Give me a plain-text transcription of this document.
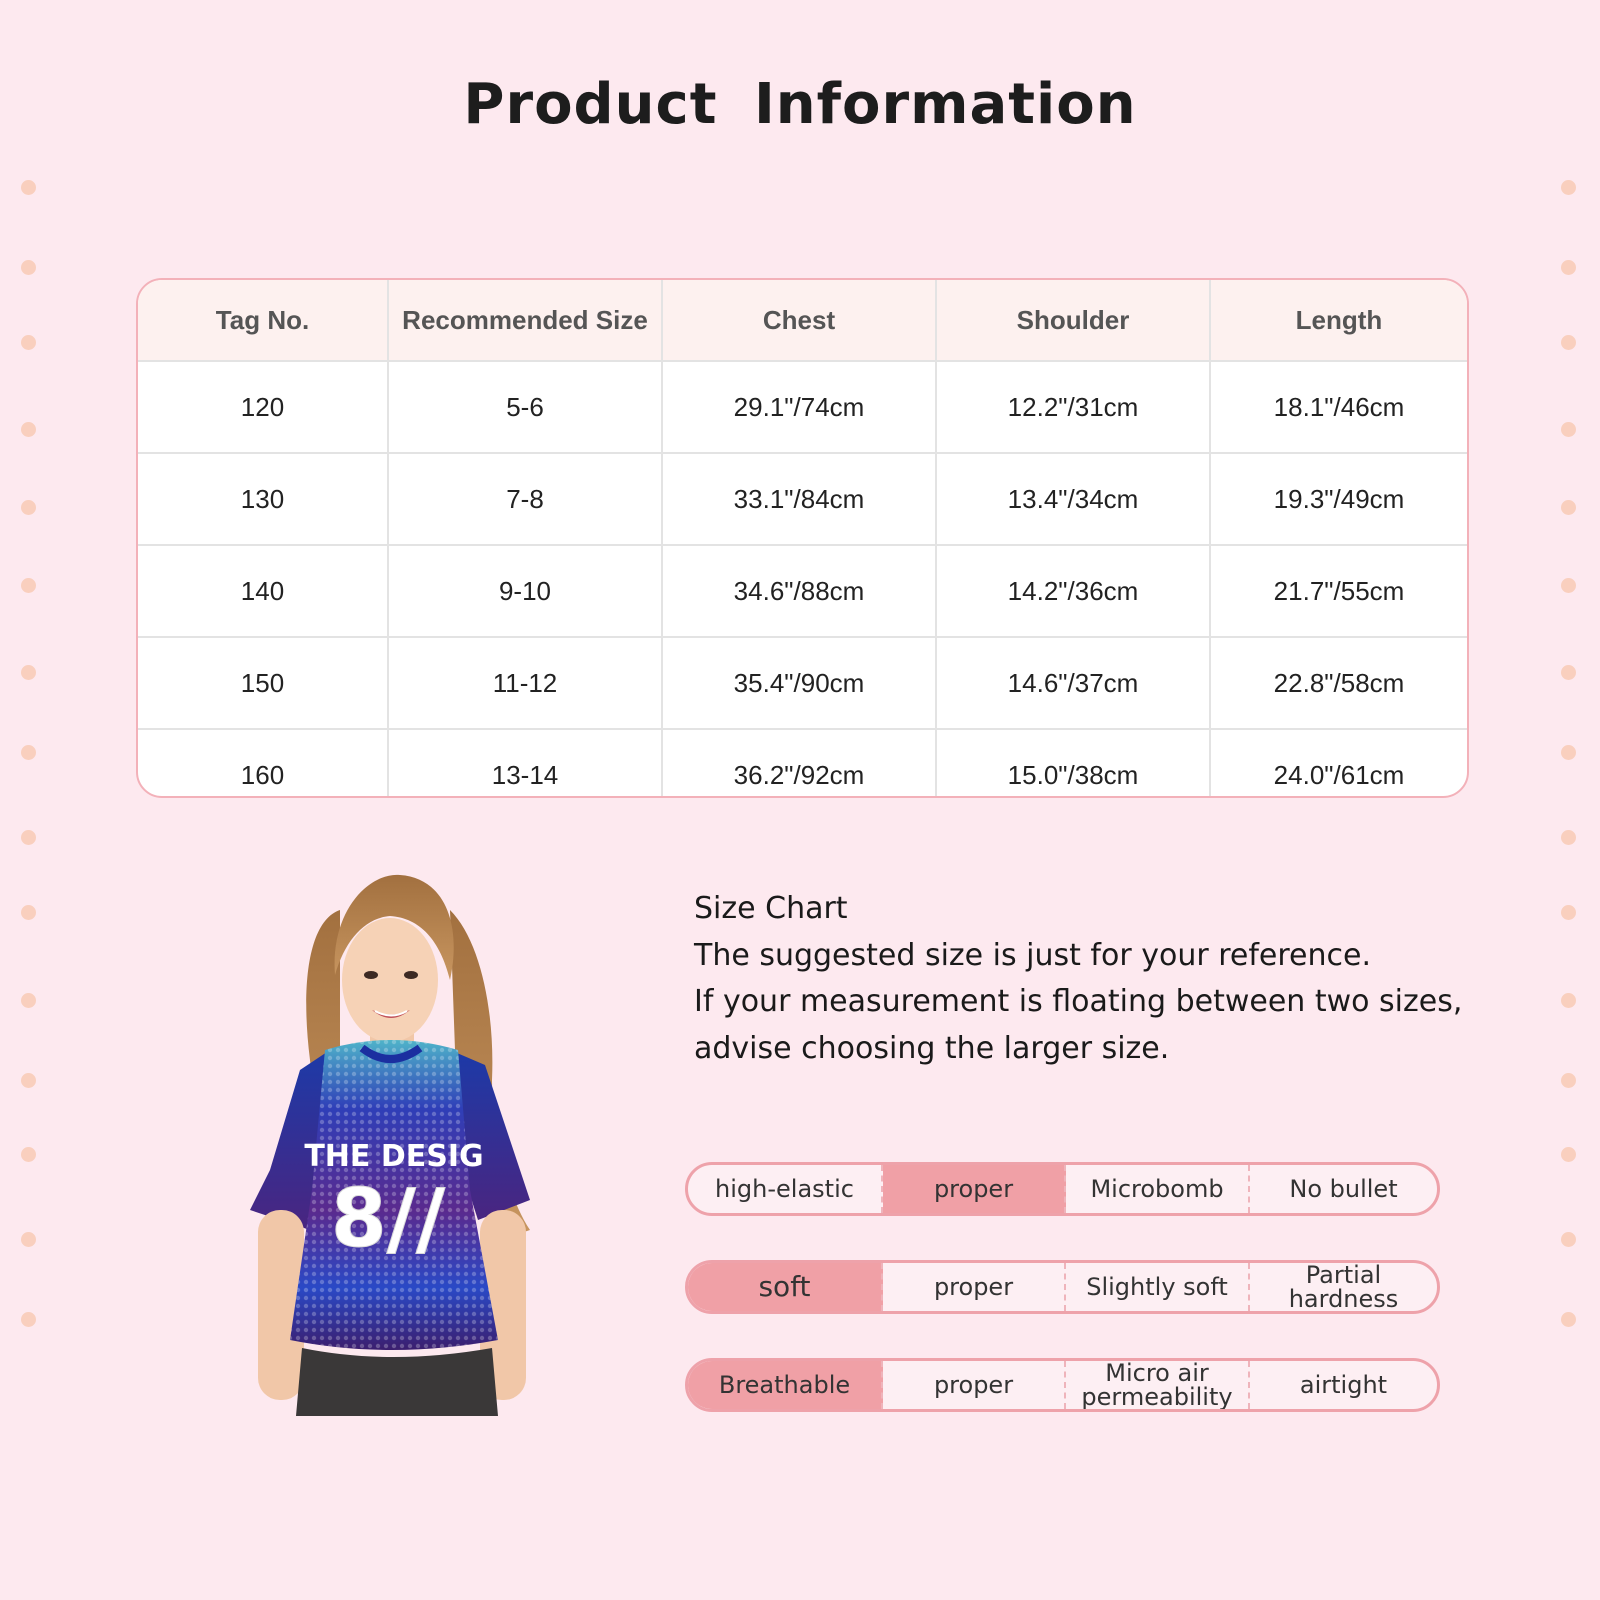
Product Information
Tag No.	Recommended Size	Chest	Shoulder	Length
120	5-6	29.1"/74cm	12.2"/31cm	18.1"/46cm
130	7-8	33.1"/84cm	13.4"/34cm	19.3"/49cm
140	9-10	34.6"/88cm	14.2"/36cm	21.7"/55cm
150	11-12	35.4"/90cm	14.6"/37cm	22.8"/58cm
160	13-14	36.2"/92cm	15.0"/38cm	24.0"/61cm
THE DESIG
8//
Size Chart
The suggested size is just for your reference.
If your measurement is floating between two sizes,
advise choosing the larger size.
high-elastic	proper	Microbomb	No bullet
soft	proper	Slightly soft	Partial hardness
Breathable	proper	Micro air permeability	airtight
